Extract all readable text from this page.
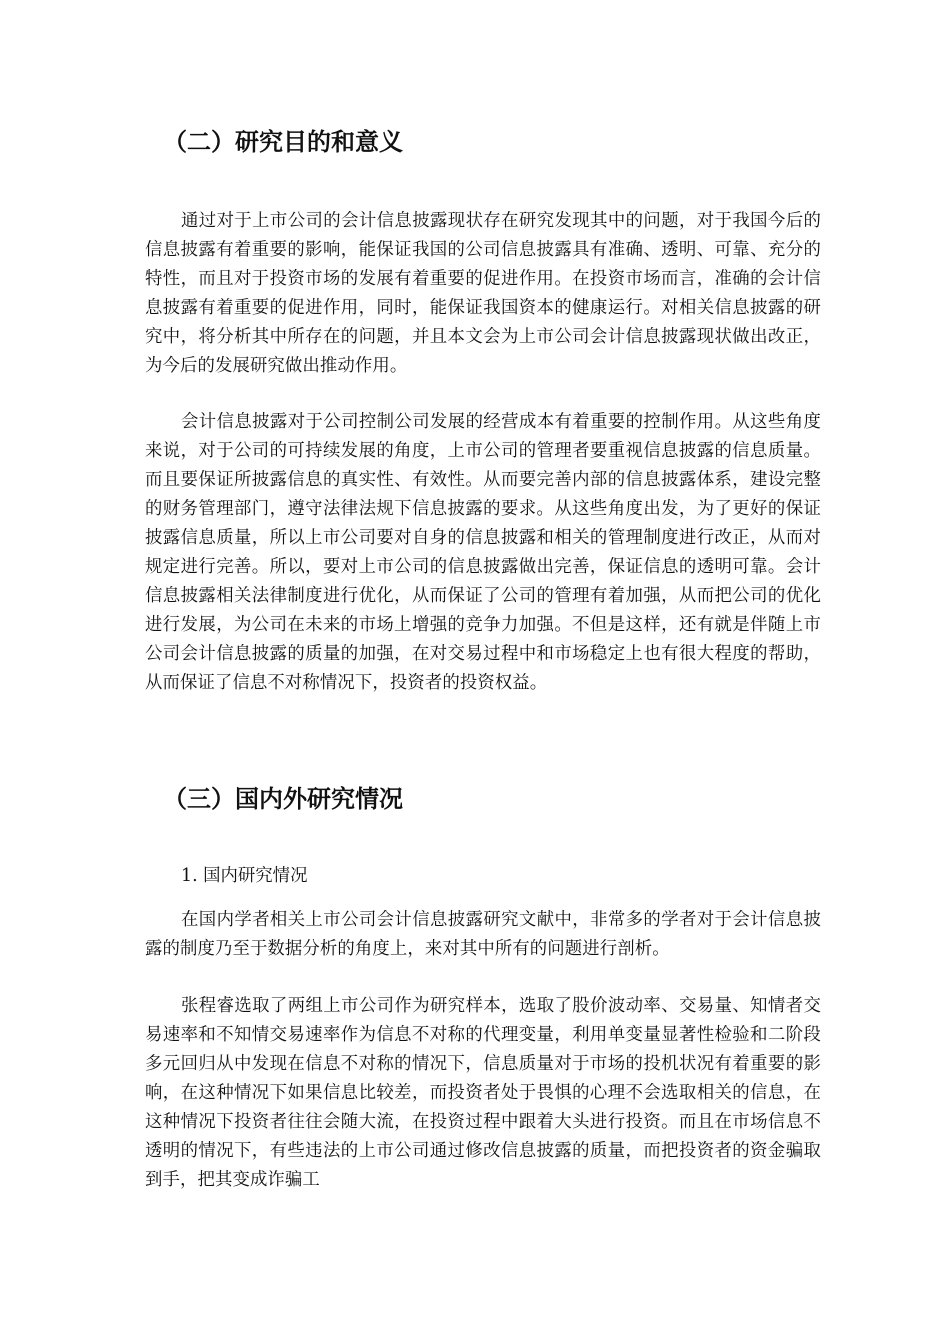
（二）研究目的和意义

通过对于上市公司的会计信息披露现状存在研究发现其中的问题，对于我国今后的信息披露有着重要的影响，能保证我国的公司信息披露具有准确、透明、可靠、充分的特性，而且对于投资市场的发展有着重要的促进作用。在投资市场而言，准确的会计信息披露有着重要的促进作用，同时，能保证我国资本的健康运行。对相关信息披露的研究中，将分析其中所存在的问题，并且本文会为上市公司会计信息披露现状做出改正，为今后的发展研究做出推动作用。

会计信息披露对于公司控制公司发展的经营成本有着重要的控制作用。从这些角度来说，对于公司的可持续发展的角度，上市公司的管理者要重视信息披露的信息质量。而且要保证所披露信息的真实性、有效性。从而要完善内部的信息披露体系，建设完整的财务管理部门，遵守法律法规下信息披露的要求。从这些角度出发，为了更好的保证披露信息质量，所以上市公司要对自身的信息披露和相关的管理制度进行改正，从而对规定进行完善。所以，要对上市公司的信息披露做出完善，保证信息的透明可靠。会计信息披露相关法律制度进行优化，从而保证了公司的管理有着加强，从而把公司的优化进行发展，为公司在未来的市场上增强的竞争力加强。不但是这样，还有就是伴随上市公司会计信息披露的质量的加强，在对交易过程中和市场稳定上也有很大程度的帮助，从而保证了信息不对称情况下，投资者的投资权益。

（三）国内外研究情况

1. 国内研究情况

在国内学者相关上市公司会计信息披露研究文献中，非常多的学者对于会计信息披露的制度乃至于数据分析的角度上，来对其中所有的问题进行剖析。

张程睿选取了两组上市公司作为研究样本，选取了股价波动率、交易量、知情者交易速率和不知情交易速率作为信息不对称的代理变量，利用单变量显著性检验和二阶段多元回归从中发现在信息不对称的情况下，信息质量对于市场的投机状况有着重要的影响，在这种情况下如果信息比较差，而投资者处于畏惧的心理不会选取相关的信息，在这种情况下投资者往往会随大流，在投资过程中跟着大头进行投资。而且在市场信息不透明的情况下，有些违法的上市公司通过修改信息披露的质量，而把投资者的资金骗取到手，把其变成诈骗工
